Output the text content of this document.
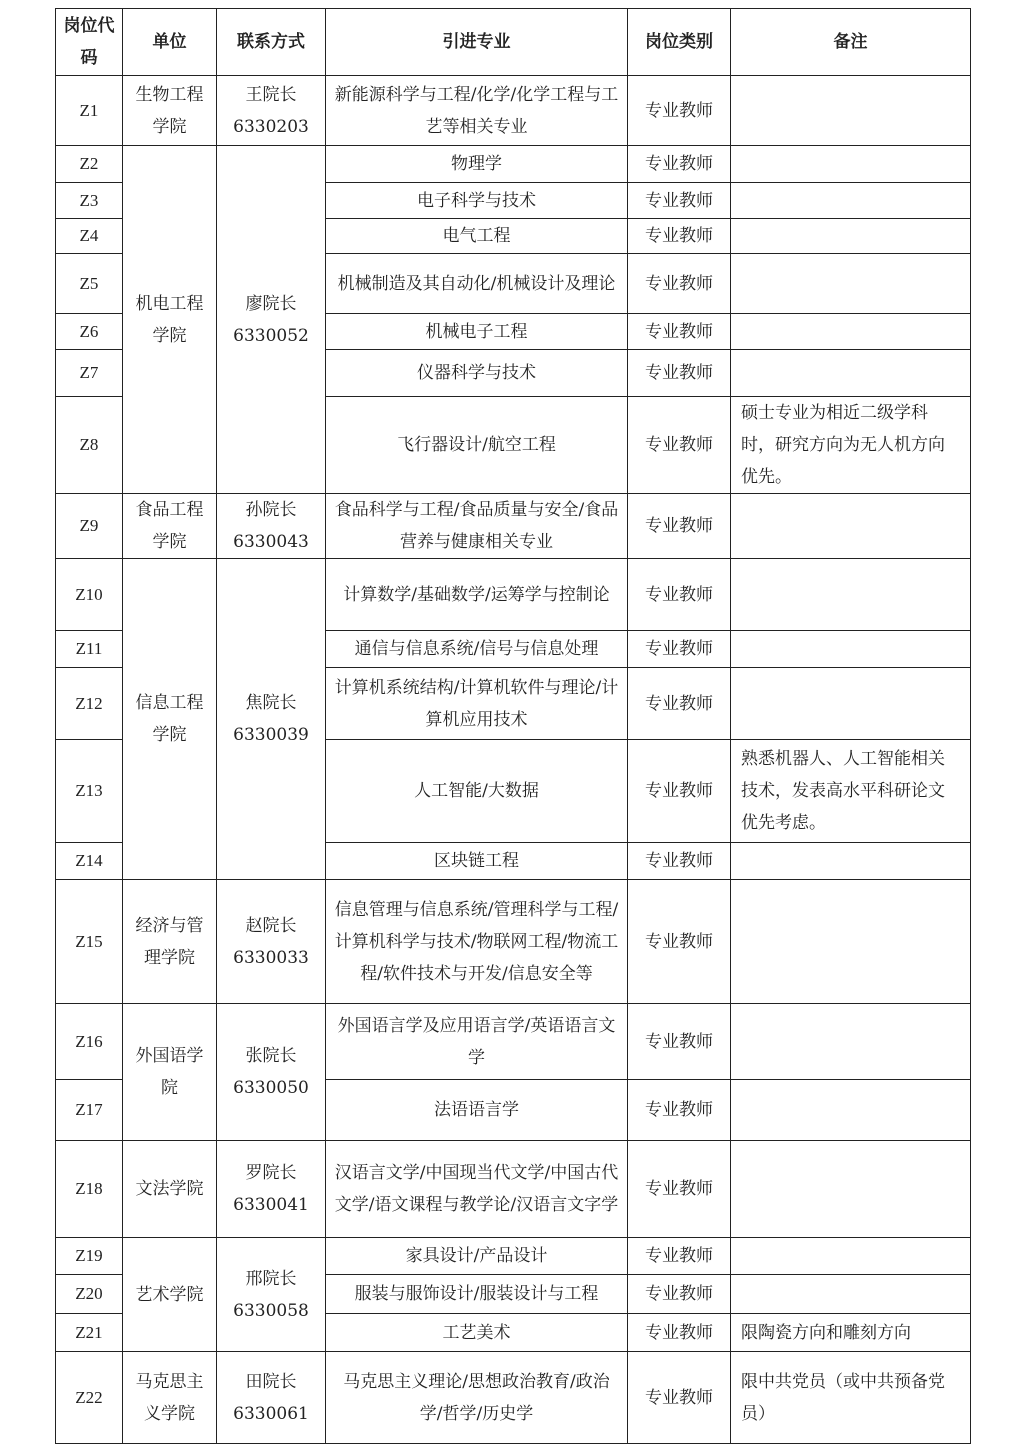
岗位代码	单位	联系方式	引进专业	岗位类别	备注
Z1	生物工程学院	王院长6330203	新能源科学与工程/化学/化学工程与工艺等相关专业	专业教师	
Z2	机电工程学院	廖院长6330052	物理学	专业教师	
Z3			电子科学与技术	专业教师	
Z4			电气工程	专业教师	
Z5			机械制造及其自动化/机械设计及理论	专业教师	
Z6			机械电子工程	专业教师	
Z7			仪器科学与技术	专业教师	
Z8			飞行器设计/航空工程	专业教师	硕士专业为相近二级学科时，研究方向为无人机方向优先。
Z9	食品工程学院	孙院长6330043	食品科学与工程/食品质量与安全/食品营养与健康相关专业	专业教师	
Z10	信息工程学院	焦院长6330039	计算数学/基础数学/运筹学与控制论	专业教师	
Z11			通信与信息系统/信号与信息处理	专业教师	
Z12			计算机系统结构/计算机软件与理论/计算机应用技术	专业教师	
Z13			人工智能/大数据	专业教师	熟悉机器人、人工智能相关技术，发表高水平科研论文优先考虑。
Z14			区块链工程	专业教师	
Z15	经济与管理学院	赵院长6330033	信息管理与信息系统/管理科学与工程/计算机科学与技术/物联网工程/物流工程/软件技术与开发/信息安全等	专业教师	
Z16	外国语学院	张院长6330050	外国语言学及应用语言学/英语语言文学	专业教师	
Z17			法语语言学	专业教师	
Z18	文法学院	罗院长6330041	汉语言文学/中国现当代文学/中国古代文学/语文课程与教学论/汉语言文字学	专业教师	
Z19	艺术学院	邢院长6330058	家具设计/产品设计	专业教师	
Z20			服装与服饰设计/服装设计与工程	专业教师	
Z21			工艺美术	专业教师	限陶瓷方向和雕刻方向
Z22	马克思主义学院	田院长6330061	马克思主义理论/思想政治教育/政治学/哲学/历史学	专业教师	限中共党员（或中共预备党员）
